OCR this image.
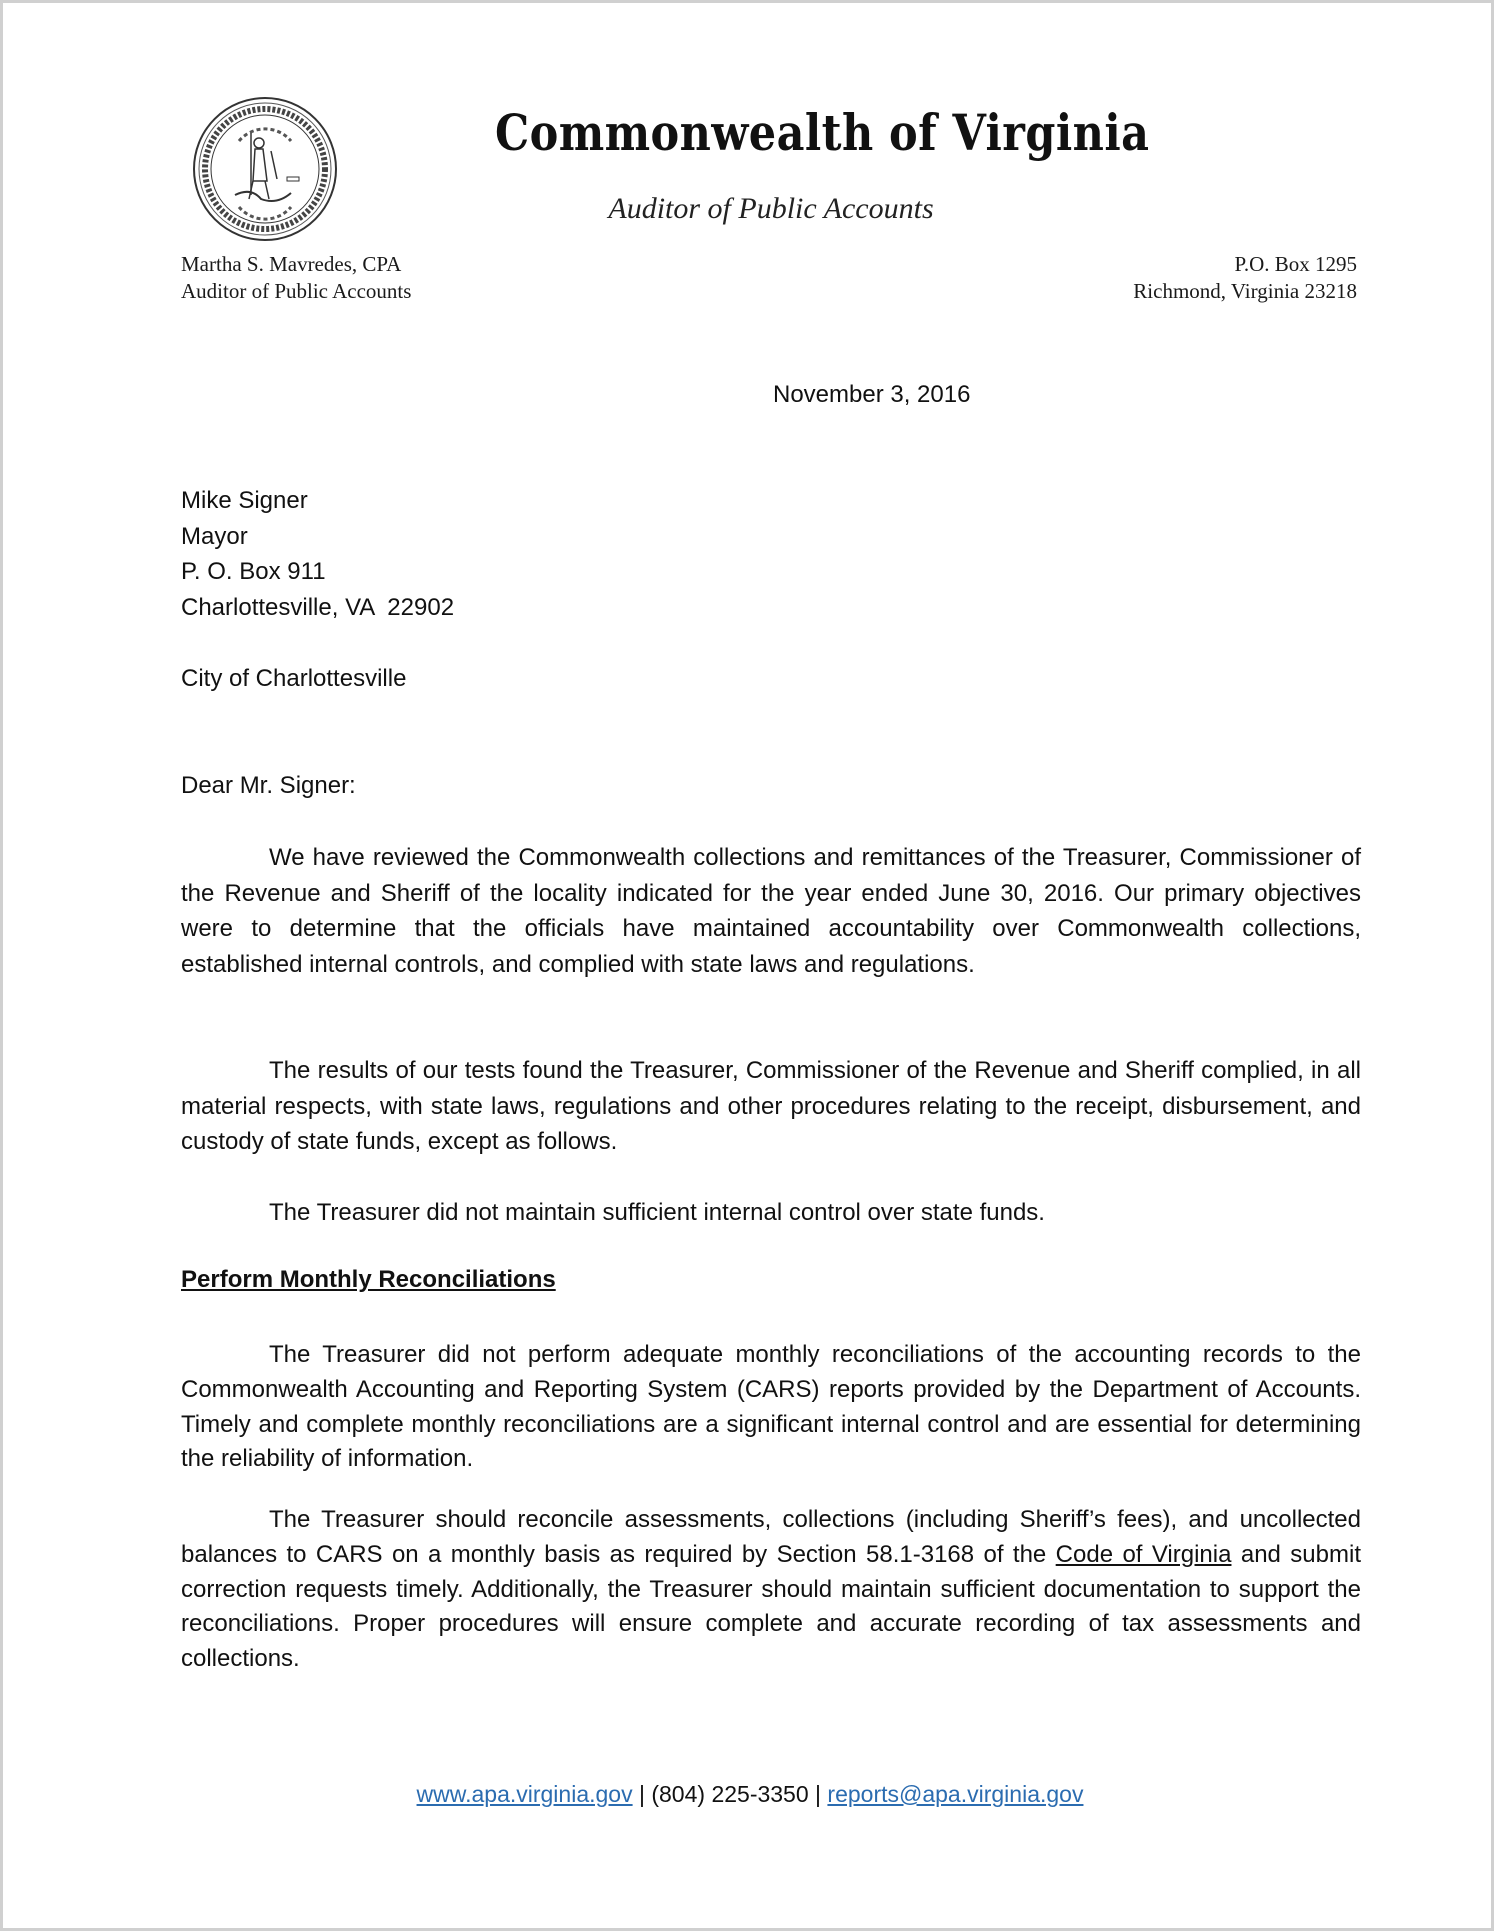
Commonwealth of Virginia
Auditor of Public Accounts
Martha S. Mavredes, CPA
Auditor of Public Accounts
P.O. Box 1295
Richmond, Virginia 23218
November 3, 2016
Mike Signer
Mayor
P. O. Box 911
Charlottesville, VA  22902
City of Charlottesville
Dear Mr. Signer:

We have reviewed the Commonwealth collections and remittances of the Treasurer, Commissioner of the Revenue and Sheriff of the locality indicated for the year ended June 30, 2016. Our primary objectives were to determine that the officials have maintained accountability over Commonwealth collections, established internal controls, and complied with state laws and regulations.

The results of our tests found the Treasurer, Commissioner of the Revenue and Sheriff complied, in all material respects, with state laws, regulations and other procedures relating to the receipt, disbursement, and custody of state funds, except as follows.

The Treasurer did not maintain sufficient internal control over state funds.

Perform Monthly Reconciliations

The Treasurer did not perform adequate monthly reconciliations of the accounting records to the Commonwealth Accounting and Reporting System (CARS) reports provided by the Department of Accounts. Timely and complete monthly reconciliations are a significant internal control and are essential for determining the reliability of information.

The Treasurer should reconcile assessments, collections (including Sheriff’s fees), and uncollected balances to CARS on a monthly basis as required by Section 58.1-3168 of the Code of Virginia and submit correction requests timely. Additionally, the Treasurer should maintain sufficient documentation to support the reconciliations. Proper procedures will ensure complete and accurate recording of tax assessments and collections.

www.apa.virginia.gov | (804) 225-3350 | reports@apa.virginia.gov
